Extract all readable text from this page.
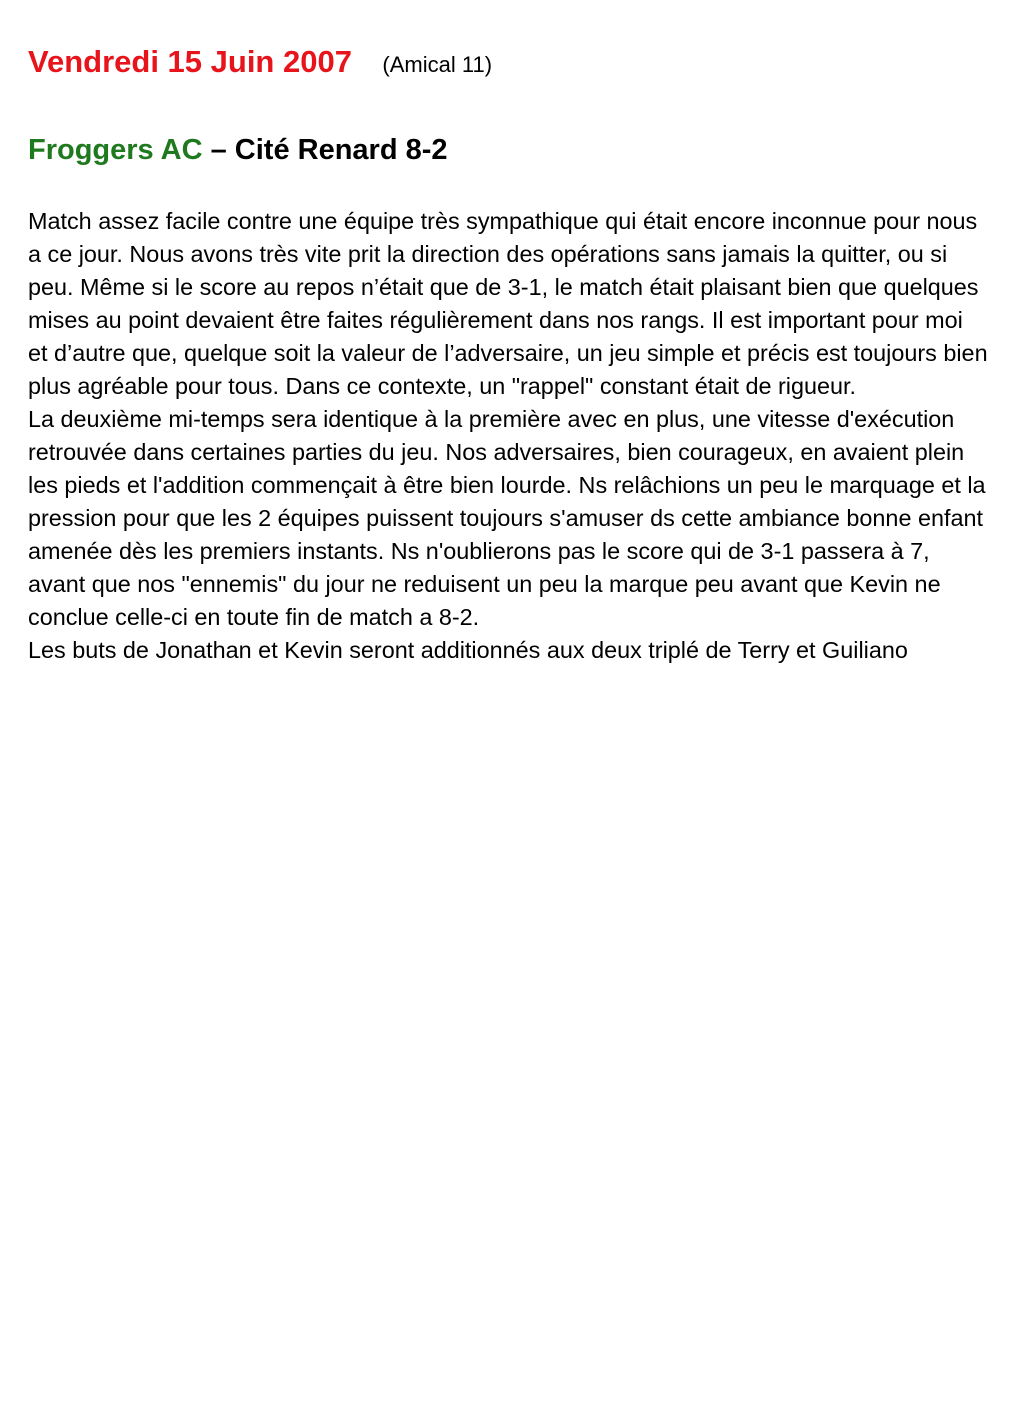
Vendredi 15 Juin 2007 (Amical 11)
Froggers AC – Cité Renard 8-2

Match assez facile contre une équipe très sympathique qui était encore inconnue pour nous a ce jour. Nous avons très vite prit la direction des opérations sans jamais la quitter, ou si peu. Même si le score au repos n’était que de 3-1, le match était plaisant bien que quelques mises au point devaient être faites régulièrement dans nos rangs. Il est important pour moi et d’autre que, quelque soit la valeur de l’adversaire, un jeu simple et précis est toujours bien plus agréable pour tous. Dans ce contexte, un "rappel" constant était de rigueur.

La deuxième mi-temps sera identique à la première avec en plus, une vitesse d'exécution retrouvée dans certaines parties du jeu. Nos adversaires, bien courageux, en avaient plein les pieds et l'addition commençait à être bien lourde. Ns relâchions un peu le marquage et la pression pour que les 2 équipes puissent toujours s'amuser ds cette ambiance bonne enfant amenée dès les premiers instants. Ns n'oublierons pas le score qui de 3-1 passera à 7, avant que nos "ennemis" du jour ne reduisent un peu la marque peu avant que Kevin ne conclue celle-ci en toute fin de match a 8-2.

Les buts de Jonathan et Kevin seront additionnés aux deux triplé de Terry et Guiliano
